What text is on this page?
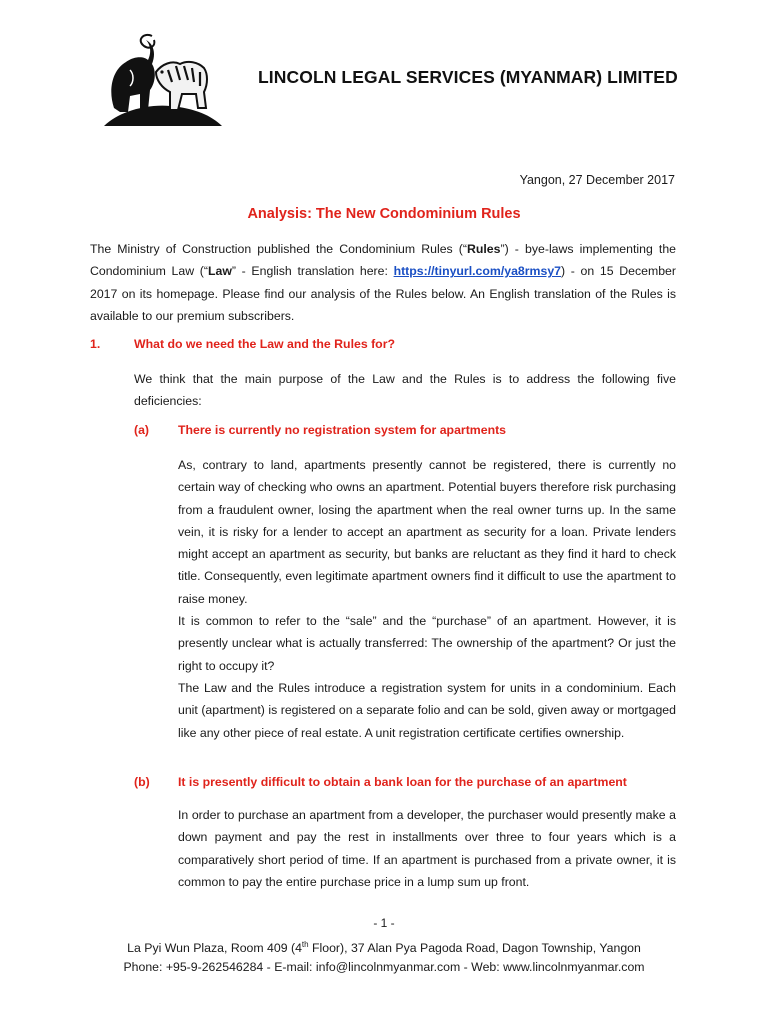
LINCOLN LEGAL SERVICES (MYANMAR) LIMITED
Yangon, 27 December 2017
Analysis: The New Condominium Rules

The Ministry of Construction published the Condominium Rules (“Rules”) - bye-laws implementing the Condominium Law (“Law” - English translation here: https://tinyurl.com/ya8rmsy7) - on 15 December 2017 on its homepage. Please find our analysis of the Rules below. An English translation of the Rules is available to our premium subscribers.

1.	What do we need the Law and the Rules for?

We think that the main purpose of the Law and the Rules is to address the following five deficiencies:

(a) There is currently no registration system for apartments

As, contrary to land, apartments presently cannot be registered, there is currently no certain way of checking who owns an apartment. Potential buyers therefore risk purchasing from a fraudulent owner, losing the apartment when the real owner turns up. In the same vein, it is risky for a lender to accept an apartment as security for a loan. Private lenders might accept an apartment as security, but banks are reluctant as they find it hard to check title. Consequently, even legitimate apartment owners find it difficult to use the apartment to raise money.

It is common to refer to the “sale” and the “purchase” of an apartment. However, it is presently unclear what is actually transferred: The ownership of the apartment? Or just the right to occupy it?

The Law and the Rules introduce a registration system for units in a condominium. Each unit (apartment) is registered on a separate folio and can be sold, given away or mortgaged like any other piece of real estate. A unit registration certificate certifies ownership.

(b) It is presently difficult to obtain a bank loan for the purchase of an apartment

In order to purchase an apartment from a developer, the purchaser would presently make a down payment and pay the rest in installments over three to four years which is a comparatively short period of time. If an apartment is purchased from a private owner, it is common to pay the entire purchase price in a lump sum up front.

- 1 -
La Pyi Wun Plaza, Room 409 (4th Floor), 37 Alan Pya Pagoda Road, Dagon Township, Yangon
Phone: +95-9-262546284 - E-mail: info@lincolnmyanmar.com - Web: www.lincolnmyanmar.com
